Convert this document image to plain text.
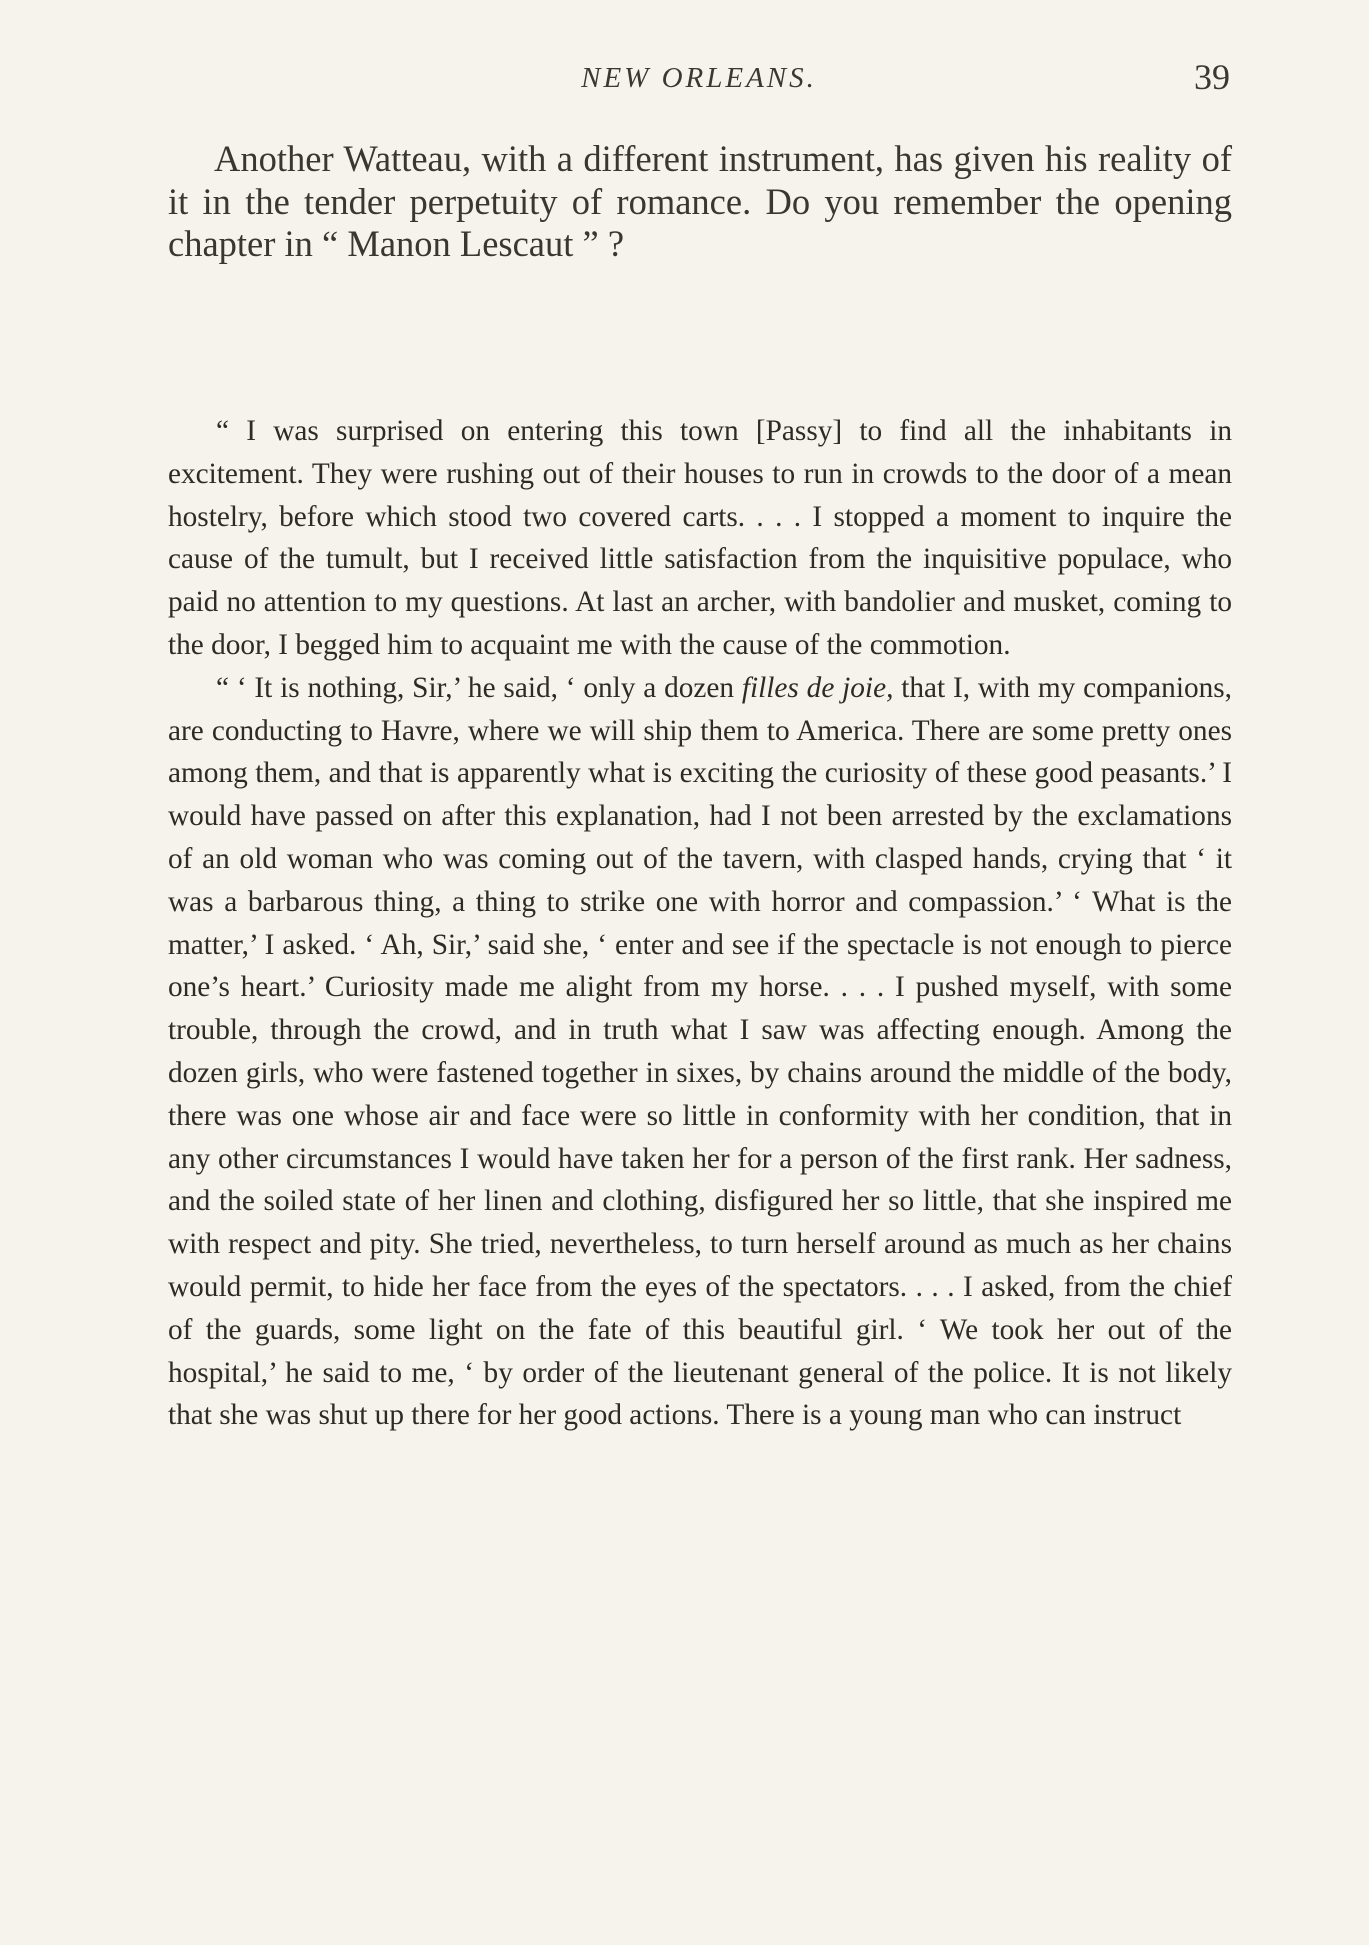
NEW ORLEANS.	39

Another Watteau, with a different instrument, has given his reality of it in the tender perpetuity of romance. Do you remember the opening chapter in “ Manon Lescaut ” ?

“ I was surprised on entering this town [Passy] to find all the inhabitants in excitement. They were rushing out of their houses to run in crowds to the door of a mean hostelry, before which stood two covered carts. . . . I stopped a moment to inquire the cause of the tumult, but I received little satisfaction from the inquisitive populace, who paid no attention to my questions. At last an archer, with bandolier and musket, coming to the door, I begged him to acquaint me with the cause of the commotion.

“ ‘ It is nothing, Sir,’ he said, ‘ only a dozen filles de joie, that I, with my companions, are conducting to Havre, where we will ship them to America. There are some pretty ones among them, and that is apparently what is exciting the curiosity of these good peasants.’ I would have passed on after this explanation, had I not been arrested by the exclamations of an old woman who was coming out of the tavern, with clasped hands, crying that ‘ it was a barbarous thing, a thing to strike one with horror and compassion.’ ‘ What is the matter,’ I asked. ‘ Ah, Sir,’ said she, ‘ enter and see if the spectacle is not enough to pierce one’s heart.’ Curiosity made me alight from my horse. . . . I pushed myself, with some trouble, through the crowd, and in truth what I saw was affecting enough. Among the dozen girls, who were fastened together in sixes, by chains around the middle of the body, there was one whose air and face were so little in conformity with her condition, that in any other circumstances I would have taken her for a person of the first rank. Her sadness, and the soiled state of her linen and clothing, disfigured her so little, that she inspired me with respect and pity. She tried, nevertheless, to turn herself around as much as her chains would permit, to hide her face from the eyes of the spectators. . . . I asked, from the chief of the guards, some light on the fate of this beautiful girl. ‘ We took her out of the hospital,’ he said to me, ‘ by order of the lieutenant general of the police. It is not likely that she was shut up there for her good actions. There is a young man who can instruct
